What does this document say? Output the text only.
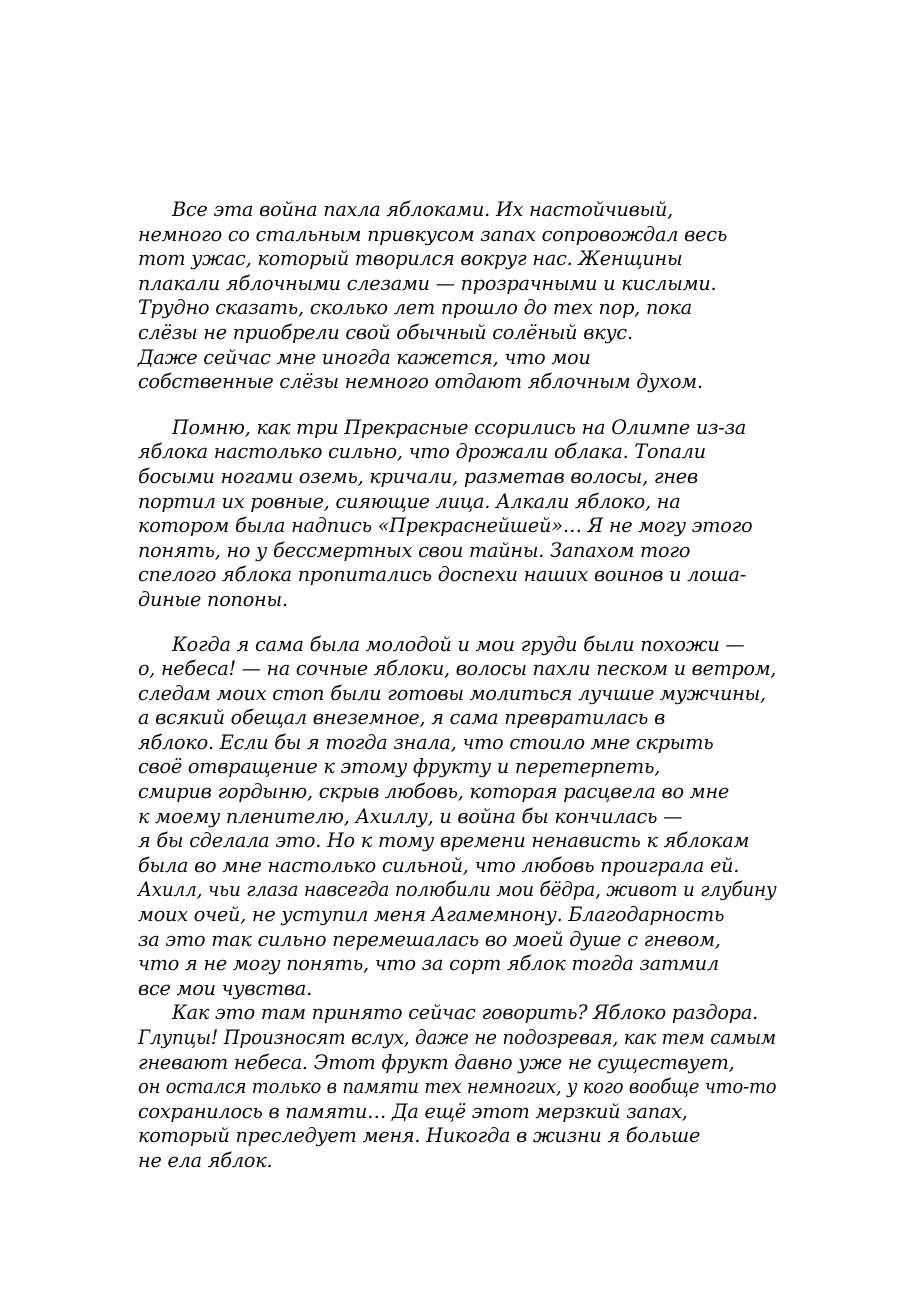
Все эта война пахла яблоками. Их настойчивый,
немного со стальным привкусом запах сопровождал весь
тот ужас, который творился вокруг нас. Женщины
плакали яблочными слезами — прозрачными и кислыми.
Трудно сказать, сколько лет прошло до тех пор, пока
слёзы не приобрели свой обычный солёный вкус.
Даже сейчас мне иногда кажется, что мои
собственные слёзы немного отдают яблочным духом.
Помню, как три Прекрасные ссорились на Олимпе из-за
яблока настолько сильно, что дрожали облака. Топали
босыми ногами оземь, кричали, разметав волосы, гнев
портил их ровные, сияющие лица. Алкали яблоко, на
котором была надпись «Прекраснейшей»… Я не могу этого
понять, но у бессмертных свои тайны. Запахом того
спелого яблока пропитались доспехи наших воинов и лоша-
диные попоны.
Когда я сама была молодой и мои груди были похожи —
о, небеса! — на сочные яблоки, волосы пахли песком и ветром,
следам моих стоп были готовы молиться лучшие мужчины,
а всякий обещал внеземное, я сама превратилась в
яблоко. Если бы я тогда знала, что стоило мне скрыть
своё отвращение к этому фрукту и перетерпеть,
смирив гордыню, скрыв любовь, которая расцвела во мне
к моему пленителю, Ахиллу, и война бы кончилась —
я бы сделала это. Но к тому времени ненависть к яблокам
была во мне настолько сильной, что любовь проиграла ей.
Ахилл, чьи глаза навсегда полюбили мои бёдра, живот и глубину
моих очей, не уступил меня Агамемнону. Благодарность
за это так сильно перемешалась во моей душе с гневом,
что я не могу понять, что за сорт яблок тогда затмил
все мои чувства.
Как это там принято сейчас говорить? Яблоко раздора.
Глупцы! Произносят вслух, даже не подозревая, как тем самым
гневают небеса. Этот фрукт давно уже не существует,
он остался только в памяти тех немногих, у кого вообще что-то
сохранилось в памяти… Да ещё этот мерзкий запах,
который преследует меня. Никогда в жизни я больше
не ела яблок.
